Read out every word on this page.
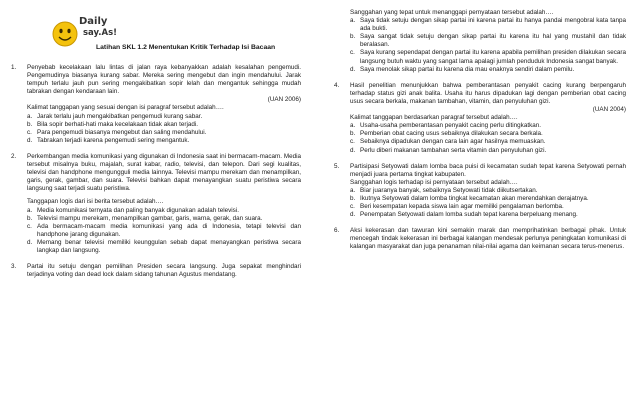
Daily
say.As!
Latihan SKL 1.2 Menentukan Kritik Terhadap Isi Bacaan
1.	Penyebab kecelakaan lalu lintas di jalan raya kebanyakkan adalah kesalahan pengemudi. Pengemudinya biasanya kurang sabar. Mereka sering mengebut dan ingin mendahului. Jarak tempuh terlalu jauh pun sering mengakibatkan sopir lelah dan mengantuk sehingga mudah tabrakan dengan kendaraan lain.
(UAN 2006)
Kalimat tanggapan yang sesuai dengan isi paragraf tersebut adalah….
a. Jarak terlalu jauh mengakibatkan pengemudi kurang sabar.
b. Bila sopir berhati-hati maka kecelakaan tidak akan terjadi.
c. Para pengemudi biasanya mengebut dan saling mendahului.
d. Tabrakan terjadi karena pengemudi sering mengantuk.
2.	Perkembangan media komunikasi yang digunakan di Indonesia saat ini bermacam-macam. Media tersebut misalnya buku, majalah, surat kabar, radio, televisi, dan telepon. Dari segi kualitas, televisi dan handphone mengungguli media lainnya. Televisi mampu merekam dan menampilkan, garis, gerak, gambar, dan suara. Televisi bahkan dapat menayangkan suatu peristiwa secara langsung saat terjadi suatu peristiwa.
Tanggapan logis dari isi berita tersebut adalah….
a. Media komunikasi ternyata dan paling banyak digunakan adalah televisi.
b. Televisi mampu merekam, menampilkan gambar, garis, warna, gerak, dan suara.
c. Ada bermacam-macam media komunikasi yang ada di Indonesia, tetapi televisi dan handphone jarang digunakan.
d. Memang benar televisi memiliki keunggulan sebab dapat menayangkan peristiwa secara langkap dan langsung.
3.	Partai itu setuju dengan pemilihan Presiden secara langsung. Juga sepakat menghindari terjadinya voting dan dead lock dalam sidang tahunan Agustus mendatang.
Sanggahan yang tepat untuk menanggapi pernyataan tersebut adalah….
a. Saya tidak setuju dengan sikap partai ini karena partai itu hanya pandai mengobral kata tanpa ada bukti.
b. Saya sangat tidak setuju dengan sikap partai itu karena itu hal yang mustahil dan tidak beralasan.
c. Saya kurang sependapat dengan partai itu karena apabila pemilihan presiden dilakukan secara langsung butuh waktu yang sangat lama apalagi jumlah penduduk Indonesia sangat banyak.
d. Saya menolak sikap partai itu karena dia mau enaknya sendiri dalam pemilu.
4.	Hasil penelitian menunjukkan bahwa pemberantasan penyakit cacing kurang berpengaruh terhadap status gizi anak balita. Usaha itu harus dipadukan lagi dengan pemberian obat cacing usus secara berkala, makanan tambahan, vitamin, dan penyuluhan gizi.
(UAN 2004)
Kalimat tanggapan berdasarkan paragraf tersebut adalah….
a. Usaha-usaha pemberantasan penyakit cacing perlu ditingkatkan.
b. Pemberian obat cacing usus sebaiknya dilakukan secara berkala.
c. Sebaiknya dipadukan dengan cara lain agar hasilnya memuaskan.
d. Perlu diberi makanan tambahan serta vitamin dan penyuluhan gizi.
5.	Partisipasi Setyowati dalam lomba baca puisi di kecamatan sudah tepat karena Setyowati pernah menjadi juara pertama tingkat kabupaten.
Sanggahan logis terhadap isi pernyataan tersebut adalah….
a. Biar juaranya banyak, sebaiknya Setyowati tidak diikutsertakan.
b. Ikutnya Setyowati dalam lomba tingkat kecamatan akan merendahkan derajatnya.
c. Beri kesempatan kepada siswa lain agar memiliki pengalaman berlomba.
d. Penempatan Setyowati dalam lomba sudah tepat karena berpeluang menang.
6.	Aksi kekerasan dan tawuran kini semakin marak dan memprihatinkan berbagai pihak. Untuk mencegah tindak kekerasan ini berbagai kalangan mendesak perlunya peningkatan komunikasi di kalangan masyarakat dan juga penanaman nilai-nilai agama dan keimanan secara terus-menerus.
